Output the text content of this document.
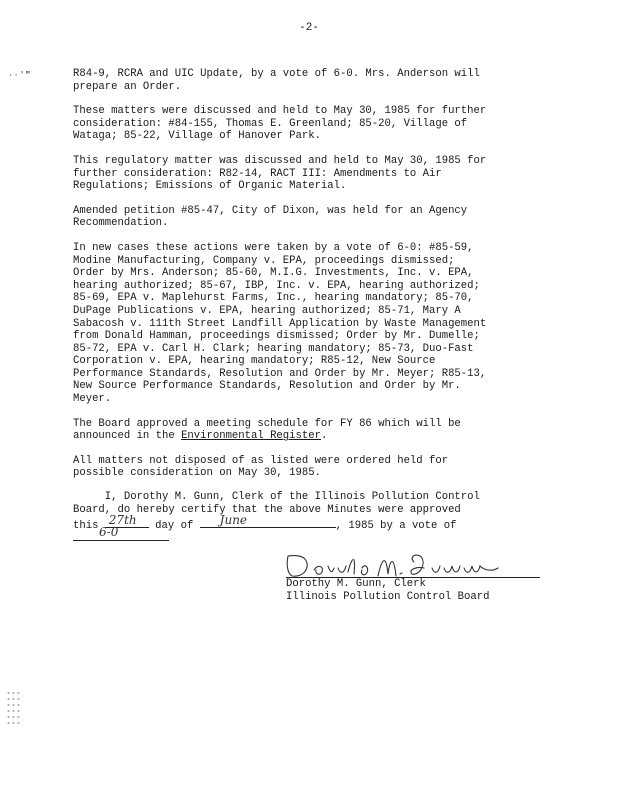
-2-
··′‴	R84-9, RCRA and UIC Update, by a vote of 6-0. Mrs. Anderson will
prepare an Order.

These matters were discussed and held to May 30, 1985 for further
consideration: #84-155, Thomas E. Greenland; 85-20, Village of
Wataga; 85-22, Village of Hanover Park.

This regulatory matter was discussed and held to May 30, 1985 for
further consideration: R82-14, RACT III: Amendments to Air
Regulations; Emissions of Organic Material.

Amended petition #85-47, City of Dixon, was held for an Agency
Recommendation.

In new cases these actions were taken by a vote of 6-0: #85-59,
Modine Manufacturing, Company v. EPA, proceedings dismissed;
Order by Mrs. Anderson; 85-60, M.I.G. Investments, Inc. v. EPA,
hearing authorized; 85-67, IBP, Inc. v. EPA, hearing authorized;
85-69, EPA v. Maplehurst Farms, Inc., hearing mandatory; 85-70,
DuPage Publications v. EPA, hearing authorized; 85-71, Mary A
Sabacosh v. 111th Street Landfill Application by Waste Management
from Donald Hamman, proceedings dismissed; Order by Mr. Dumelle;
85-72, EPA v. Carl H. Clark; hearing mandatory; 85-73, Duo-Fast
Corporation v. EPA, hearing mandatory; R85-12, New Source
Performance Standards, Resolution and Order by Mr. Meyer; R85-13,
New Source Performance Standards, Resolution and Order by Mr.
Meyer.

The Board approved a meeting schedule for FY 86 which will be
announced in the Environmental Register.

All matters not disposed of as listed were ordered held for
possible consideration on May 30, 1985.

I, Dorothy M. Gunn, Clerk of the Illinois Pollution Control
Board, do hereby certify that the above Minutes were approved
this 27th day of June	, 1985 by a vote of
6-0
Dorothy M. Gunn, Clerk
Illinois Pollution Control Board
